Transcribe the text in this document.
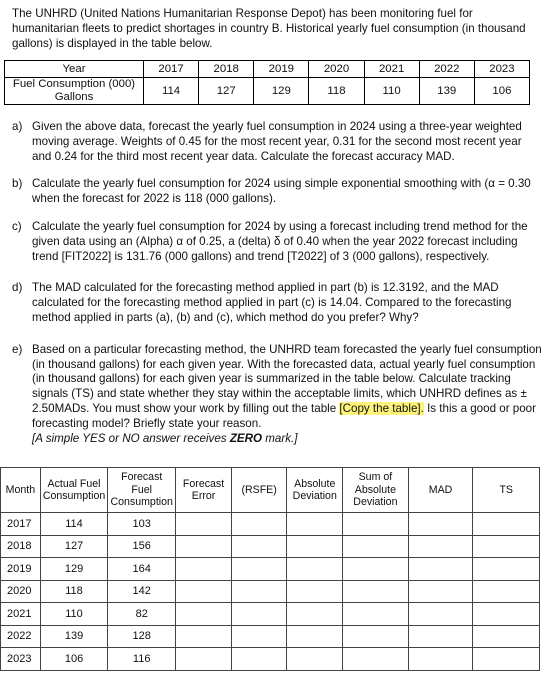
The UNHRD (United Nations Humanitarian Response Depot) has been monitoring fuel for humanitarian fleets to predict shortages in country B. Historical yearly fuel consumption (in thousand gallons) is displayed in the table below.
Year	2017	2018	2019	2020	2021	2022	2023
Fuel Consumption (000) Gallons	114	127	129	118	110	139	106
a) Given the above data, forecast the yearly fuel consumption in 2024 using a three-year weighted moving average. Weights of 0.45 for the most recent year, 0.31 for the second most recent year and 0.24 for the third most recent year data. Calculate the forecast accuracy MAD.
b) Calculate the yearly fuel consumption for 2024 using simple exponential smoothing with (α = 0.30 when the forecast for 2022 is 118 (000 gallons).
c) Calculate the yearly fuel consumption for 2024 by using a forecast including trend method for the given data using an (Alpha) α of 0.25, a (delta) δ of 0.40 when the year 2022 forecast including trend [FIT2022] is 131.76 (000 gallons) and trend [T2022] of 3 (000 gallons), respectively.
d) The MAD calculated for the forecasting method applied in part (b) is 12.3192, and the MAD calculated for the forecasting method applied in part (c) is 14.04. Compared to the forecasting method applied in parts (a), (b) and (c), which method do you prefer? Why?
e) Based on a particular forecasting method, the UNHRD team forecasted the yearly fuel consumption (in thousand gallons) for each given year. With the forecasted data, actual yearly fuel consumption (in thousand gallons) for each given year is summarized in the table below. Calculate tracking signals (TS) and state whether they stay within the acceptable limits, which UNHRD defines as ± 2.50MADs. You must show your work by filling out the table [Copy the table]. Is this a good or poor forecasting model? Briefly state your reason.
[A simple YES or NO answer receives ZERO mark.]
Month	Actual Fuel Consumption	Forecast Fuel Consumption	Forecast Error	(RSFE)	Absolute Deviation	Sum of Absolute Deviation	MAD	TS
2017	114	103						
2018	127	156						
2019	129	164						
2020	118	142						
2021	110	82						
2022	139	128						
2023	106	116						
